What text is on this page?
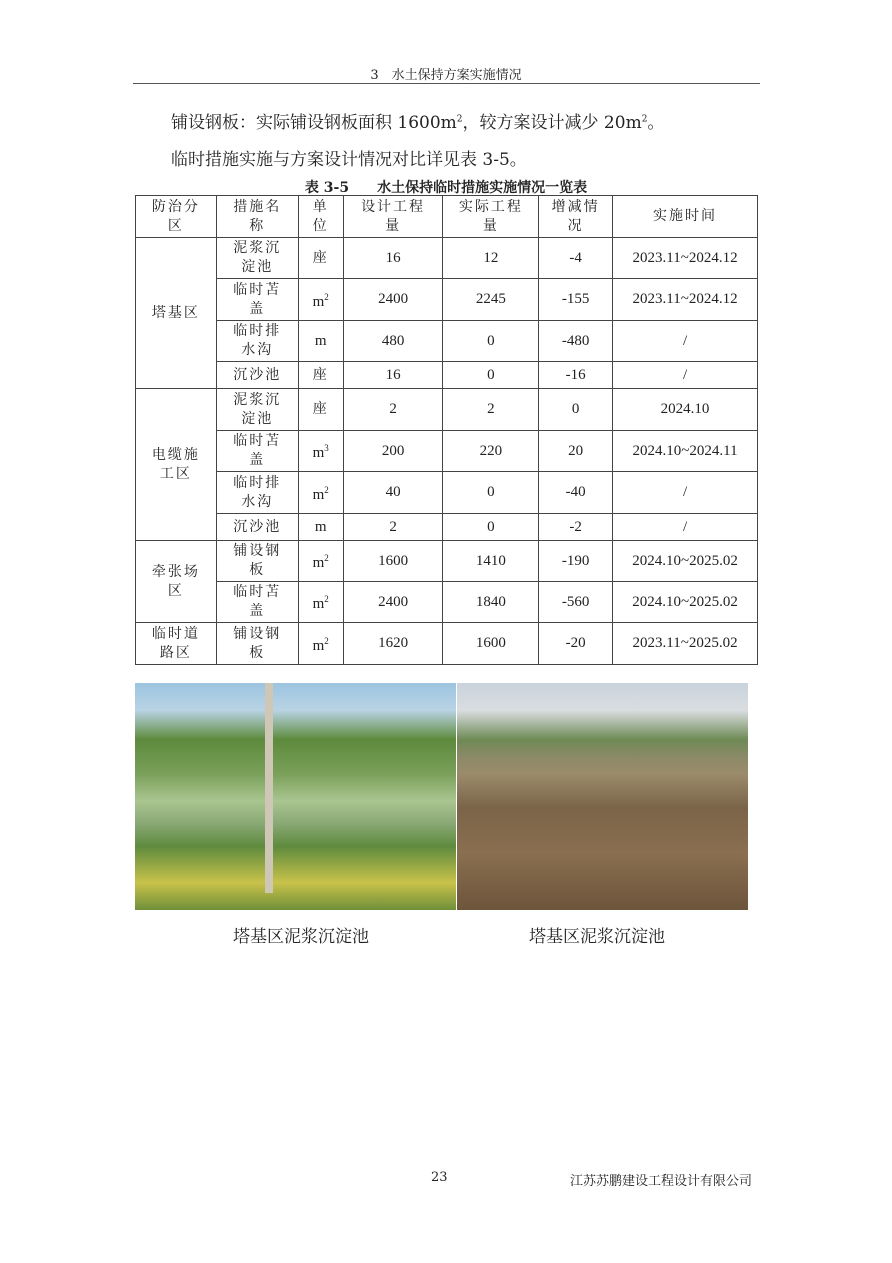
3　水土保持方案实施情况
铺设钢板：实际铺设钢板面积 $1600m^2$，较方案设计减少 $20m^2$。
临时措施实施与方案设计情况对比详见表 3-5。
表 3-5　　水土保持临时措施实施情况一览表
防治分区	措施名称	单位	设计工程量	实际工程量	增减情况	实施时间
塔基区	泥浆沉淀池	座	16	12	-4	2023.11~2024.12
	临时苫盖	$m^2$	2400	2245	-155	2023.11~2024.12
	临时排水沟	m	480	0	-480	/
	沉沙池	座	16	0	-16	/
电缆施工区	泥浆沉淀池	座	2	2	0	2024.10
	临时苫盖	$m^3$	200	220	20	2024.10~2024.11
	临时排水沟	$m^2$	40	0	-40	/
	沉沙池	m	2	0	-2	/
牵张场区	铺设钢板	$m^2$	1600	1410	-190	2024.10~2025.02
	临时苫盖	$m^2$	2400	1840	-560	2024.10~2025.02
临时道路区	铺设钢板	$m^2$	1620	1600	-20	2023.11~2025.02
塔基区泥浆沉淀池	塔基区泥浆沉淀池
23	江苏苏鹏建设工程设计有限公司
